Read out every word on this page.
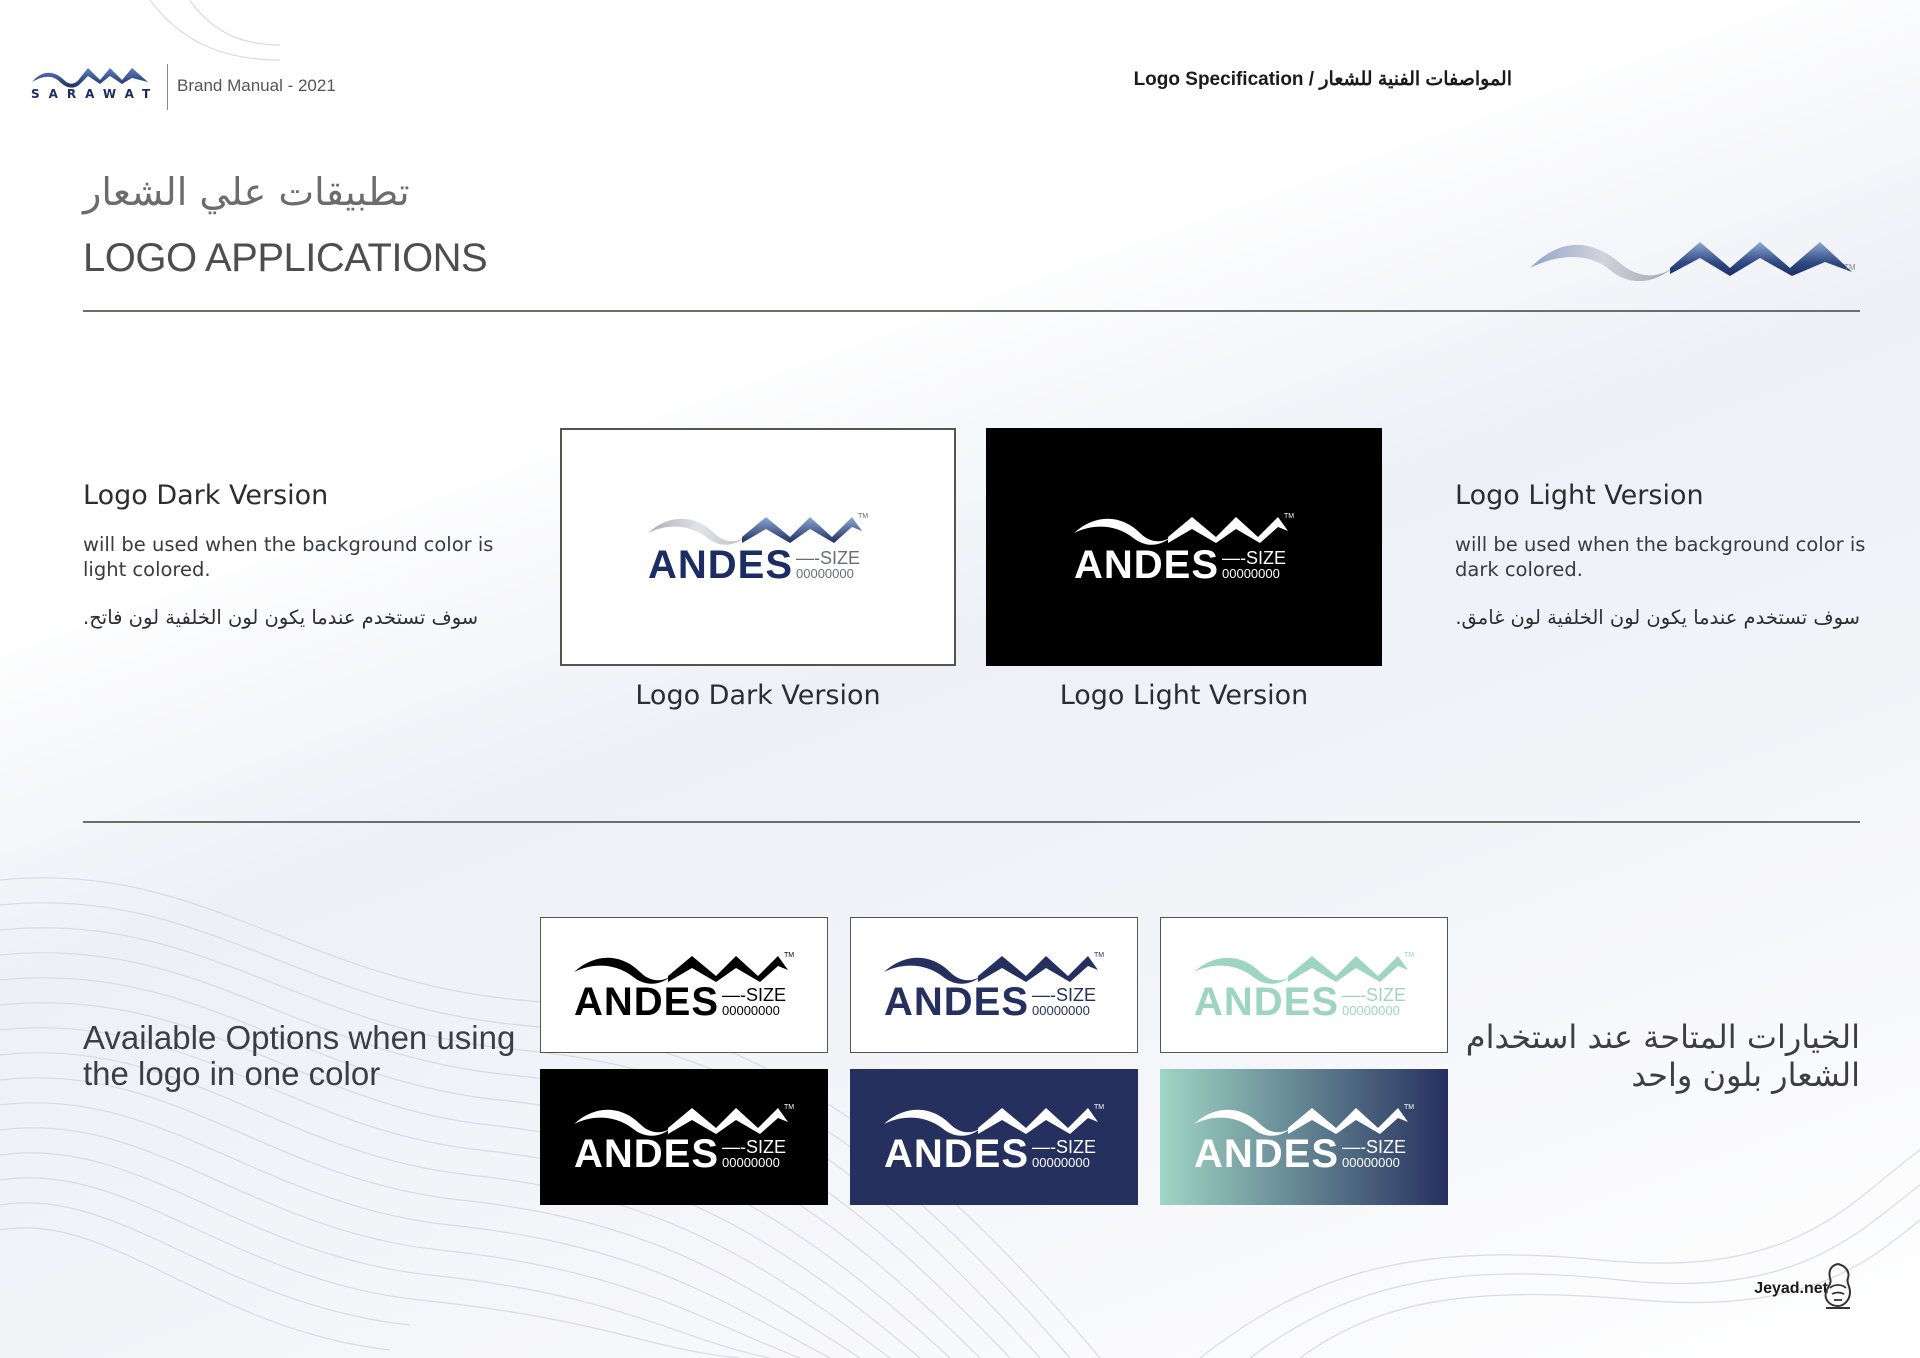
SARAWAT Brand Manual - 2021	Logo Specification / المواصفات الفنية للشعار
تطبيقات علي الشعار
LOGO APPLICATIONS	TM
Logo Dark Version
will be used when the background color is light colored.
سوف تستخدم عندما يكون لون الخلفية لون فاتح.
Logo Light Version
will be used when the background color is dark colored.
سوف تستخدم عندما يكون لون الخلفية لون غامق.
TM
ANDES —-SIZE
00000000
Logo Dark Version
TM
ANDES —-SIZE
00000000
Logo Light Version
Available Options when using the logo in one color
الخيارات المتاحة عند استخدام الشعار بلون واحد
TM
ANDES —-SIZE
00000000
TM
ANDES —-SIZE
00000000
TM
ANDES —-SIZE
00000000
TM
ANDES —-SIZE
00000000
TM
ANDES —-SIZE
00000000
TM
ANDES —-SIZE
00000000
Jeyad.net
